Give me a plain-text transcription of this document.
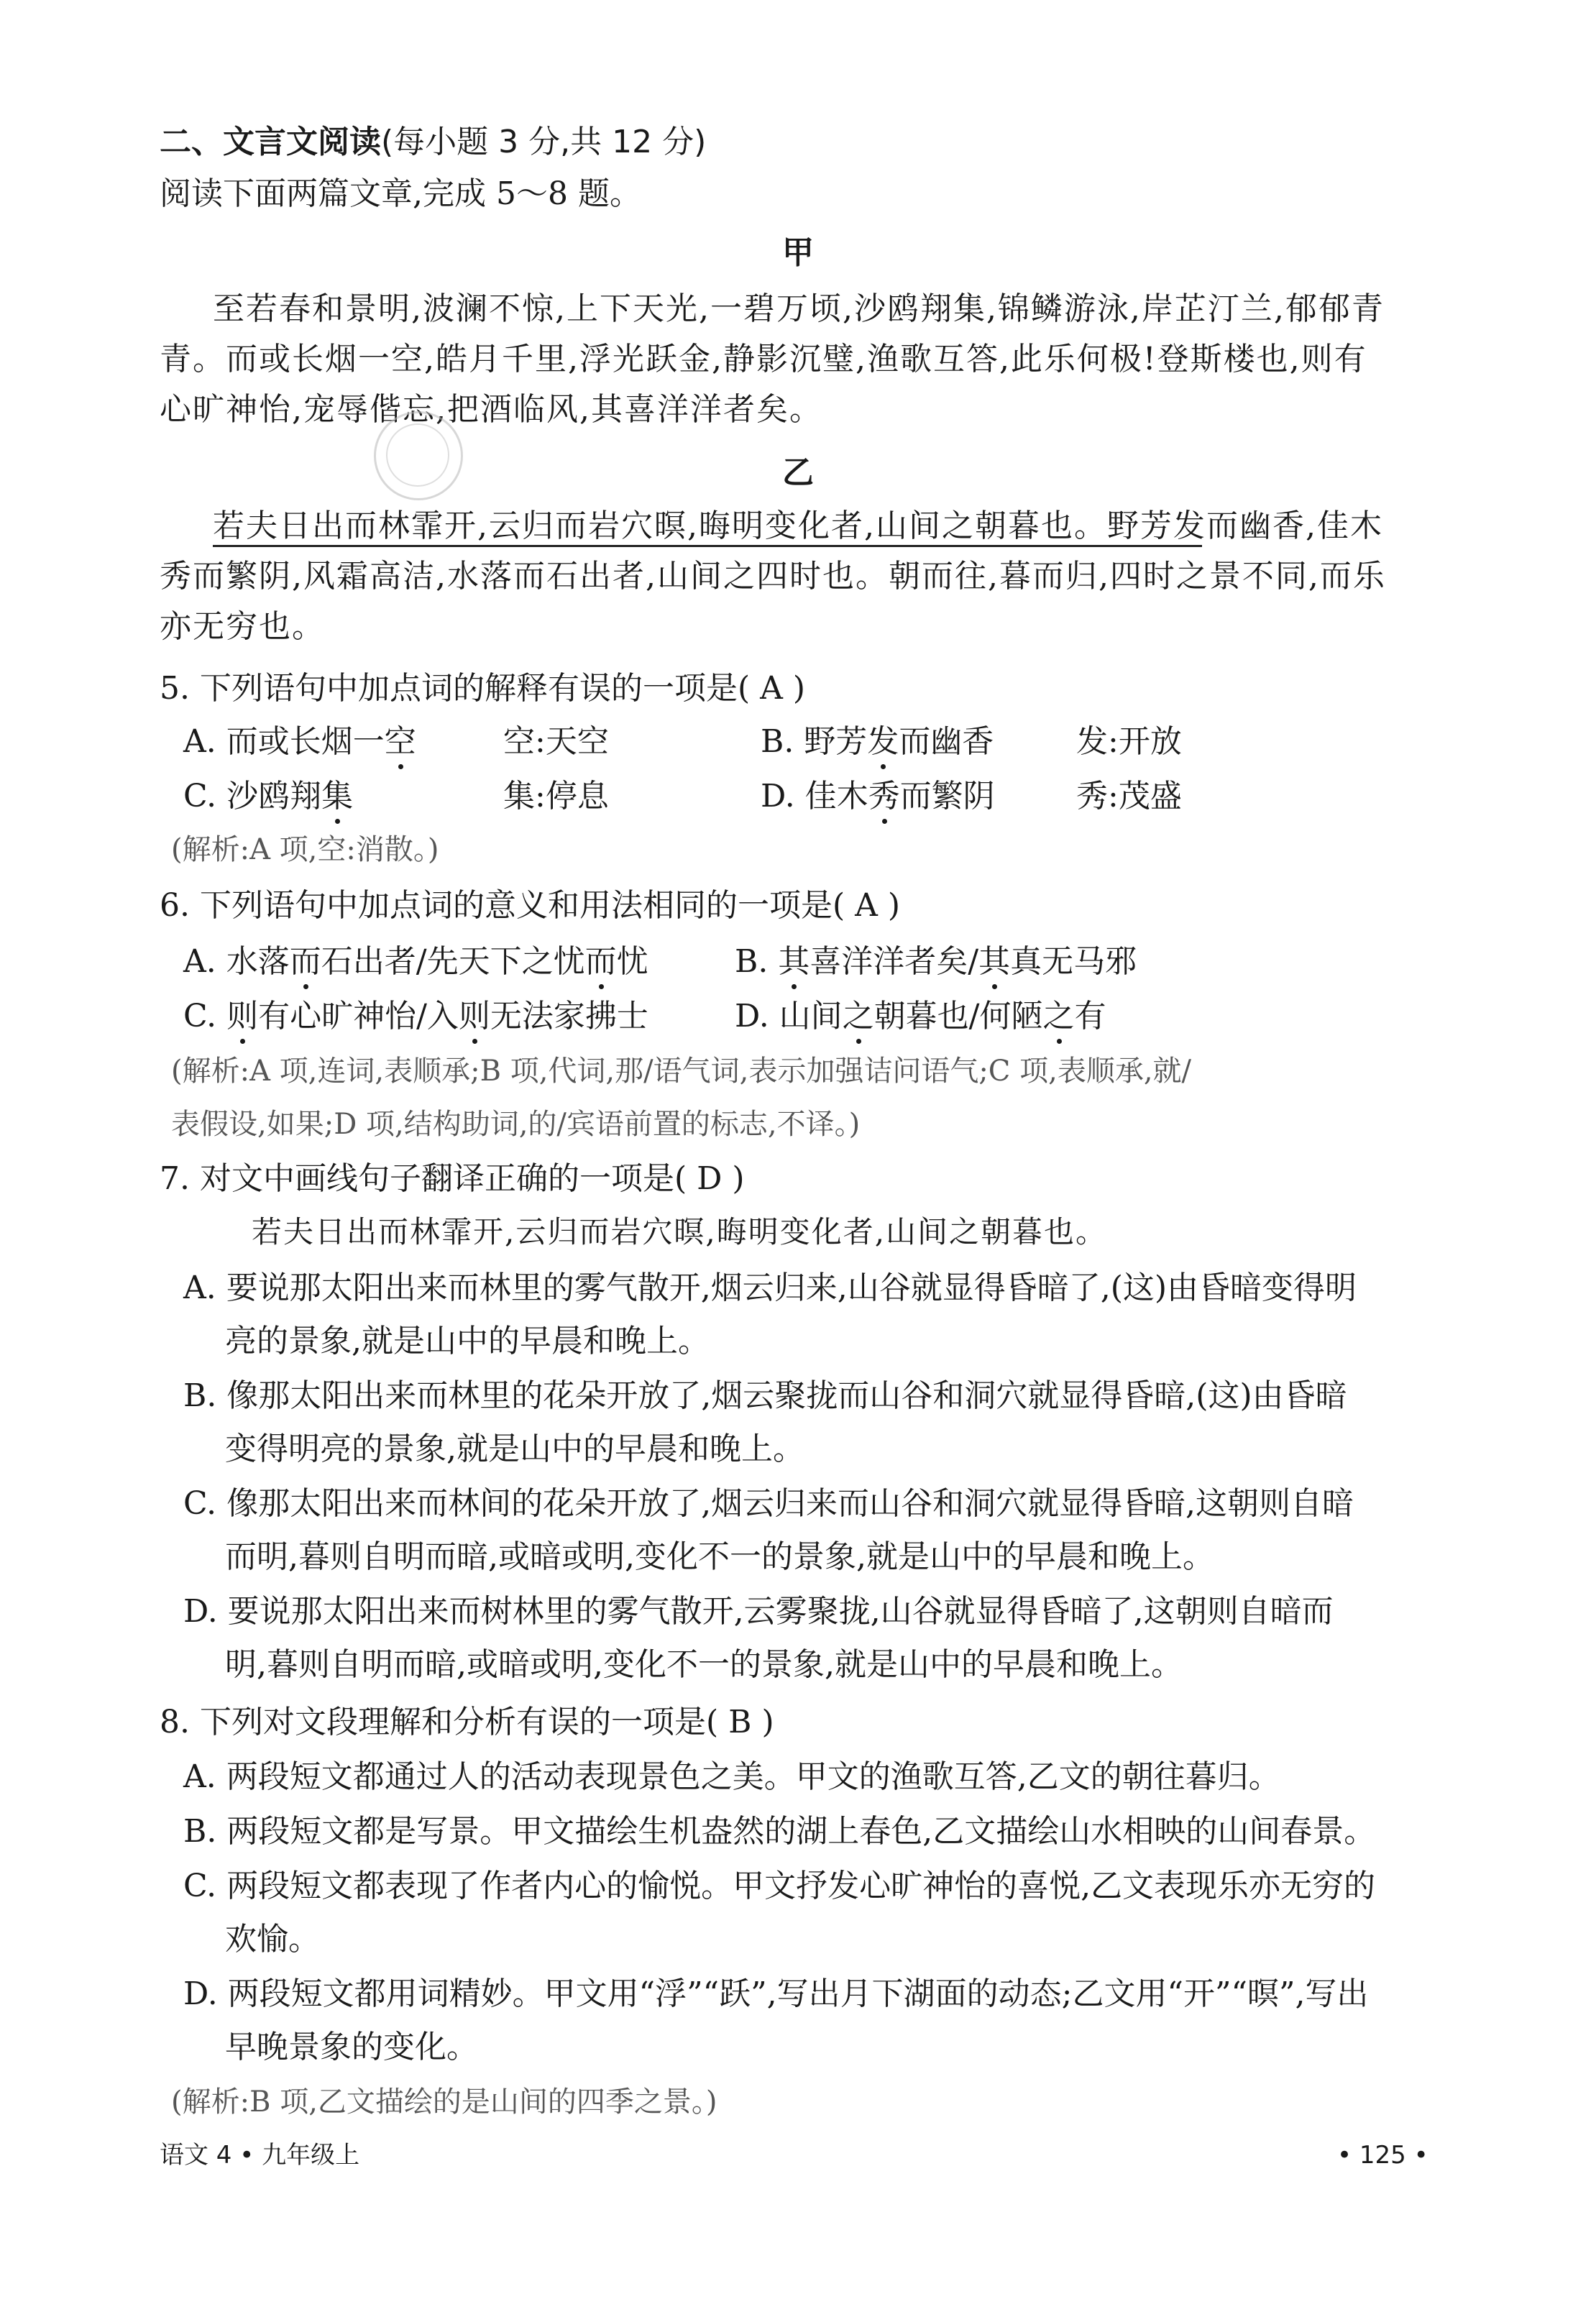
二、文言文阅读(每小题 3 分,共 12 分)
阅读下面两篇文章,完成 5～8 题。
甲
至若春和景明,波澜不惊,上下天光,一碧万顷,沙鸥翔集,锦鳞游泳,岸芷汀兰,郁郁青
青。而或长烟一空,皓月千里,浮光跃金,静影沉璧,渔歌互答,此乐何极!登斯楼也,则有
心旷神怡,宠辱偕忘,把酒临风,其喜洋洋者矣。
乙
若夫日出而林霏开,云归而岩穴暝,晦明变化者,山间之朝暮也。野芳发而幽香,佳木
秀而繁阴,风霜高洁,水落而石出者,山间之四时也。朝而往,暮而归,四时之景不同,而乐
亦无穷也。
5. 下列语句中加点词的解释有误的一项是( A )
A. 而或长烟一空	空:天空	B. 野芳发而幽香	发:开放
C. 沙鸥翔集	集:停息	D. 佳木秀而繁阴	秀:茂盛
(解析:A 项,空:消散。)
6. 下列语句中加点词的意义和用法相同的一项是( A )
A. 水落而石出者/先天下之忧而忧	B. 其喜洋洋者矣/其真无马邪
C. 则有心旷神怡/入则无法家拂士	D. 山间之朝暮也/何陋之有
(解析:A 项,连词,表顺承;B 项,代词,那/语气词,表示加强诘问语气;C 项,表顺承,就/
表假设,如果;D 项,结构助词,的/宾语前置的标志,不译。)
7. 对文中画线句子翻译正确的一项是( D )
若夫日出而林霏开,云归而岩穴暝,晦明变化者,山间之朝暮也。
A. 要说那太阳出来而林里的雾气散开,烟云归来,山谷就显得昏暗了,(这)由昏暗变得明
亮的景象,就是山中的早晨和晚上。
B. 像那太阳出来而林里的花朵开放了,烟云聚拢而山谷和洞穴就显得昏暗,(这)由昏暗
变得明亮的景象,就是山中的早晨和晚上。
C. 像那太阳出来而林间的花朵开放了,烟云归来而山谷和洞穴就显得昏暗,这朝则自暗
而明,暮则自明而暗,或暗或明,变化不一的景象,就是山中的早晨和晚上。
D. 要说那太阳出来而树林里的雾气散开,云雾聚拢,山谷就显得昏暗了,这朝则自暗而
明,暮则自明而暗,或暗或明,变化不一的景象,就是山中的早晨和晚上。
8. 下列对文段理解和分析有误的一项是( B )
A. 两段短文都通过人的活动表现景色之美。甲文的渔歌互答,乙文的朝往暮归。
B. 两段短文都是写景。甲文描绘生机盎然的湖上春色,乙文描绘山水相映的山间春景。
C. 两段短文都表现了作者内心的愉悦。甲文抒发心旷神怡的喜悦,乙文表现乐亦无穷的
欢愉。
D. 两段短文都用词精妙。甲文用“浮”“跃”,写出月下湖面的动态;乙文用“开”“暝”,写出
早晚景象的变化。
(解析:B 项,乙文描绘的是山间的四季之景。)
语文 4 • 九年级上	• 125 •
